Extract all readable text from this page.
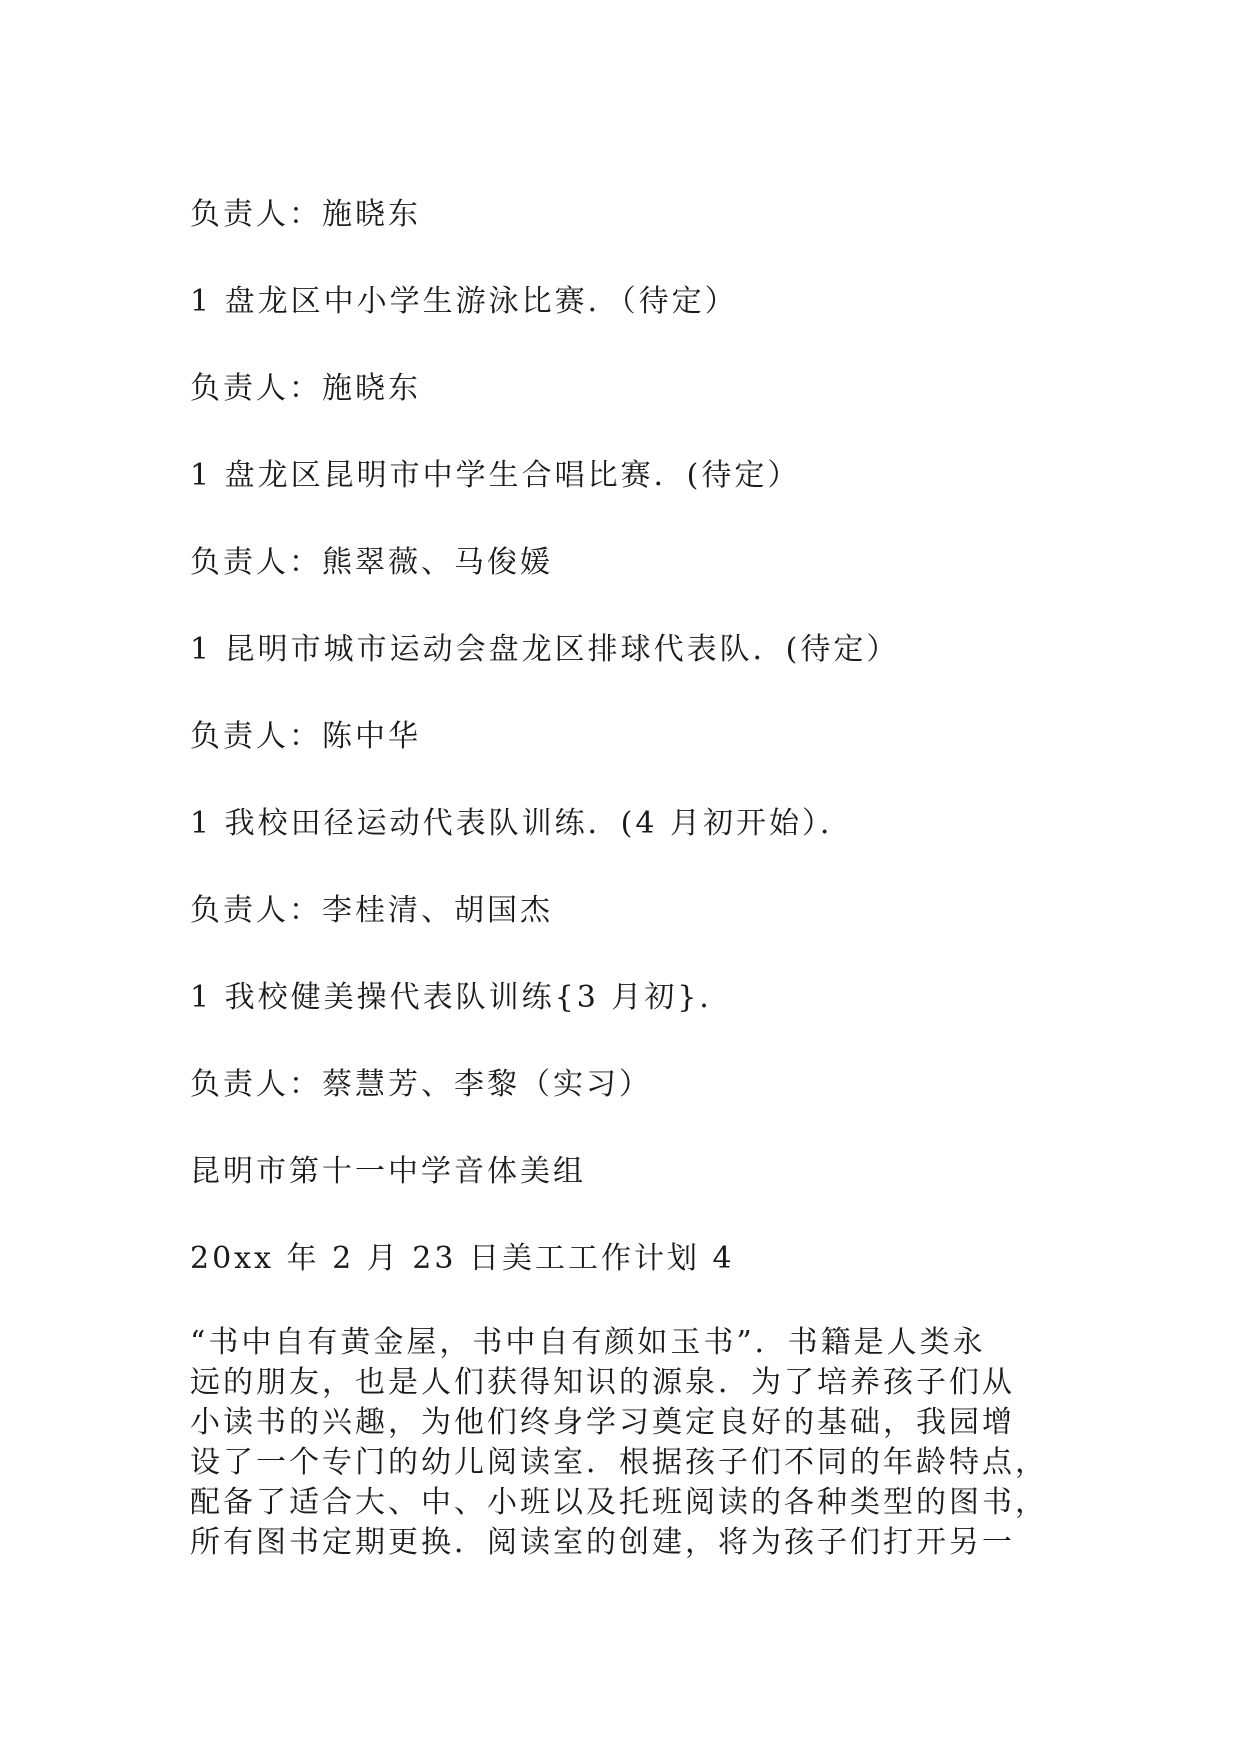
负责人：施晓东
1 盘龙区中小学生游泳比赛．（待定）
负责人：施晓东
1 盘龙区昆明市中学生合唱比赛．(待定）
负责人：熊翠薇、马俊媛
1 昆明市城市运动会盘龙区排球代表队．(待定）
负责人：陈中华
1 我校田径运动代表队训练．(4 月初开始）．
负责人：李桂清、胡国杰
1 我校健美操代表队训练{3 月初}．
负责人：蔡慧芳、李黎（实习）
昆明市第十一中学音体美组
20xx 年 2 月 23 日美工工作计划 4
“书中自有黄金屋，书中自有颜如玉书”．书籍是人类永
远的朋友，也是人们获得知识的源泉．为了培养孩子们从
小读书的兴趣，为他们终身学习奠定良好的基础，我园增
设了一个专门的幼儿阅读室．根据孩子们不同的年龄特点，
配备了适合大、中、小班以及托班阅读的各种类型的图书，
所有图书定期更换．阅读室的创建，将为孩子们打开另一
